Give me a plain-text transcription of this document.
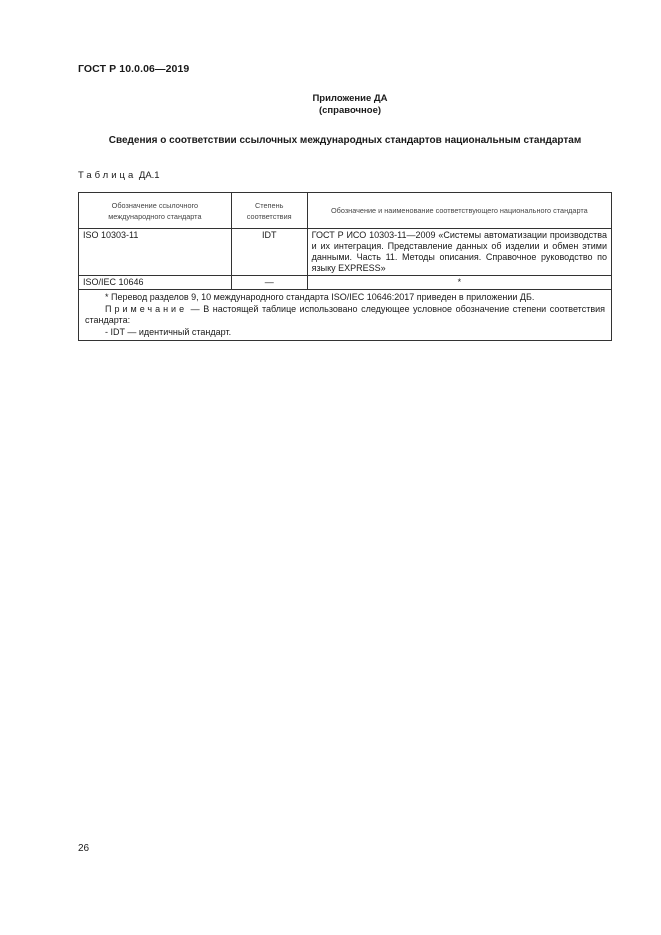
ГОСТ Р 10.0.06—2019
Приложение ДА
(справочное)
Сведения о соответствии ссылочных международных стандартов национальным стандартам
Таблица ДА.1
Обозначение ссылочного международного стандарта	Степень соответствия	Обозначение и наименование соответствующего национального стандарта
ISO 10303-11	IDT	ГОСТ Р ИСО 10303-11—2009 «Системы автоматизации производства и их интеграция. Представление данных об изделии и обмен этими данными. Часть 11. Методы описания. Справочное руководство по языку EXPRESS»
ISO/IEC 10646	—	*

* Перевод разделов 9, 10 международного стандарта ISO/IEC 10646:2017 приведен в приложении ДБ.
Примечание — В настоящей таблице использовано следующее условное обозначение степени соответствия стандарта:
- IDT — идентичный стандарт.		
26
